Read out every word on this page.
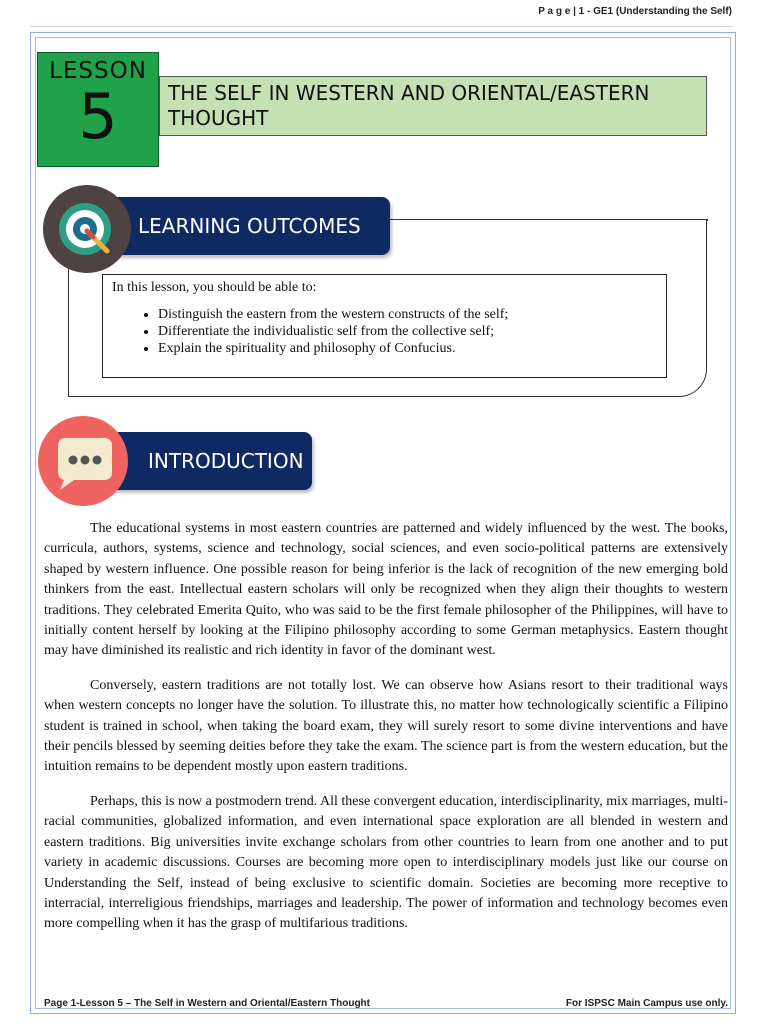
P a g e | 1 - GE1 (Understanding the Self)
LESSON
5	THE SELF IN WESTERN AND ORIENTAL/EASTERN THOUGHT
LEARNING OUTCOMES
In this lesson, you should be able to:
• Distinguish the eastern from the western constructs of the self;
• Differentiate the individualistic self from the collective self;
• Explain the spirituality and philosophy of Confucius.
INTRODUCTION

The educational systems in most eastern countries are patterned and widely influenced by the west. The books, curricula, authors, systems, science and technology, social sciences, and even socio-political patterns are extensively shaped by western influence. One possible reason for being inferior is the lack of recognition of the new emerging bold thinkers from the east. Intellectual eastern scholars will only be recognized when they align their thoughts to western traditions. They celebrated Emerita Quito, who was said to be the first female philosopher of the Philippines, will have to initially content herself by looking at the Filipino philosophy according to some German metaphysics. Eastern thought may have diminished its realistic and rich identity in favor of the dominant west.

Conversely, eastern traditions are not totally lost. We can observe how Asians resort to their traditional ways when western concepts no longer have the solution. To illustrate this, no matter how technologically scientific a Filipino student is trained in school, when taking the board exam, they will surely resort to some divine interventions and have their pencils blessed by seeming deities before they take the exam. The science part is from the western education, but the intuition remains to be dependent mostly upon eastern traditions.

Perhaps, this is now a postmodern trend. All these convergent education, interdisciplinarity, mix marriages, multi-racial communities, globalized information, and even international space exploration are all blended in western and eastern traditions. Big universities invite exchange scholars from other countries to learn from one another and to put variety in academic discussions. Courses are becoming more open to interdisciplinary models just like our course on Understanding the Self, instead of being exclusive to scientific domain. Societies are becoming more receptive to interracial, interreligious friendships, marriages and leadership. The power of information and technology becomes even more compelling when it has the grasp of multifarious traditions.

Page 1-Lesson 5 – The Self in Western and Oriental/Eastern Thought	For ISPSC Main Campus use only.
